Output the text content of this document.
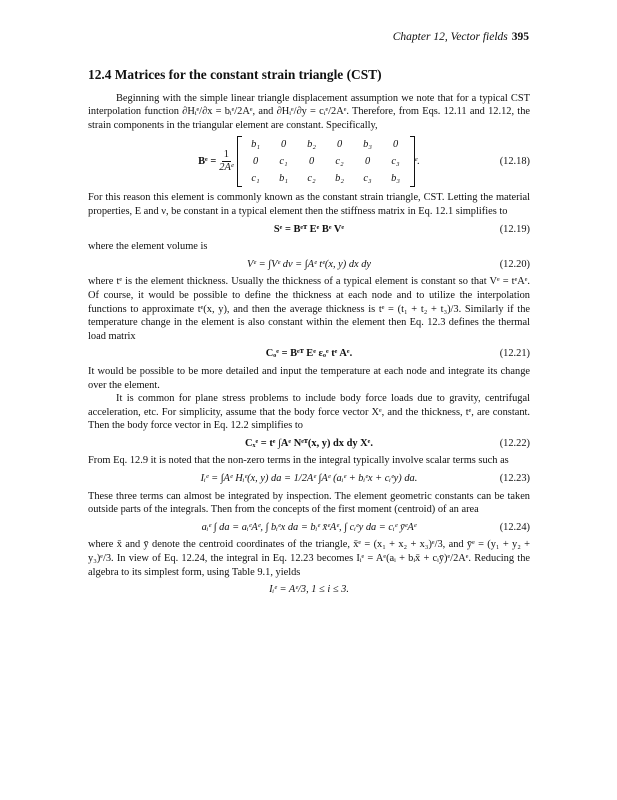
Chapter 12, Vector fields 395
12.4 Matrices for the constant strain triangle (CST)

Beginning with the simple linear triangle displacement assumption we note that for a typical CST interpolation function ∂Hᵢᵉ/∂x = bᵢᵉ/2Aᵉ, and ∂Hᵢᵉ/∂y = cᵢᵉ/2Aᵉ. Therefore, from Eqs. 12.11 and 12.12, the strain components in the triangular element are constant. Specifically,

Bᵉ = $\frac{1}{\text{2Aᵉ}}$
b₁	0	b₂	0	b₃	0
0	c₁	0	c₂	0	c₃
c₁	b₁	c₂	b₂	c₃	b₃
ᵉ.	(12.18)

For this reason this element is commonly known as the constant strain triangle, CST. Letting the material properties, E and ν, be constant in a typical element then the stiffness matrix in Eq. 12.1 simplifies to

Sᵉ = Bᵉᵀ Eᵉ Bᵉ Vᵉ	(12.19)

where the element volume is

Vᵉ = ∫Vᵉ dv = ∫Aᵉ tᵉ(x, y) dx dy	(12.20)

where tᵉ is the element thickness. Usually the thickness of a typical element is constant so that Vᵉ = tᵉAᵉ. Of course, it would be possible to define the thickness at each node and to utilize the interpolation functions to approximate tᵉ(x, y), and then the average thickness is tᵉ = (t₁ + t₂ + t₃)/3. Similarly if the temperature change in the element is also constant within the element then Eq. 12.3 defines the thermal load matrix

Cₒᵉ = Bᵉᵀ Eᵉ εₒᵉ tᵉ Aᵉ.	(12.21)

It would be possible to be more detailed and input the temperature at each node and integrate its change over the element.

It is common for plane stress problems to include body force loads due to gravity, centrifugal acceleration, etc. For simplicity, assume that the body force vector Xᵉ, and the thickness, tᵉ, are constant. Then the body force vector in Eq. 12.2 simplifies to

Cₓᵉ = tᵉ ∫Aᵉ Nᵉᵀ(x, y) dx dy Xᵉ.	(12.22)

From Eq. 12.9 it is noted that the non-zero terms in the integral typically involve scalar terms such as

Iᵢᵉ = ∫Aᵉ Hᵢᵉ(x, y) da = 1/2Aᵉ ∫Aᵉ (aᵢᵉ + bᵢᵉx + cᵢᵉy) da.	(12.23)

These three terms can almost be integrated by inspection. The element geometric constants can be taken outside parts of the integrals. Then from the concepts of the first moment (centroid) of an area

aᵢᵉ ∫ da = aᵢᵉAᵉ, ∫ bᵢᵉx da = bᵢᵉ x̄ᵉAᵉ, ∫ cᵢᵉy da = cᵢᵉ ȳᵉAᵉ	(12.24)

where x̄ and ȳ denote the centroid coordinates of the triangle, x̄ᵉ = (x₁ + x₂ + x₃)ᵉ/3, and ȳᵉ = (y₁ + y₂ + y₃)ᵉ/3. In view of Eq. 12.24, the integral in Eq. 12.23 becomes Iᵢᵉ = Aᵉ(aᵢ + bᵢx̄ + cᵢȳ)ᵉ/2Aᵉ. Reducing the algebra to its simplest form, using Table 9.1, yields

Iᵢᵉ = Aᵉ/3, 1 ≤ i ≤ 3.
